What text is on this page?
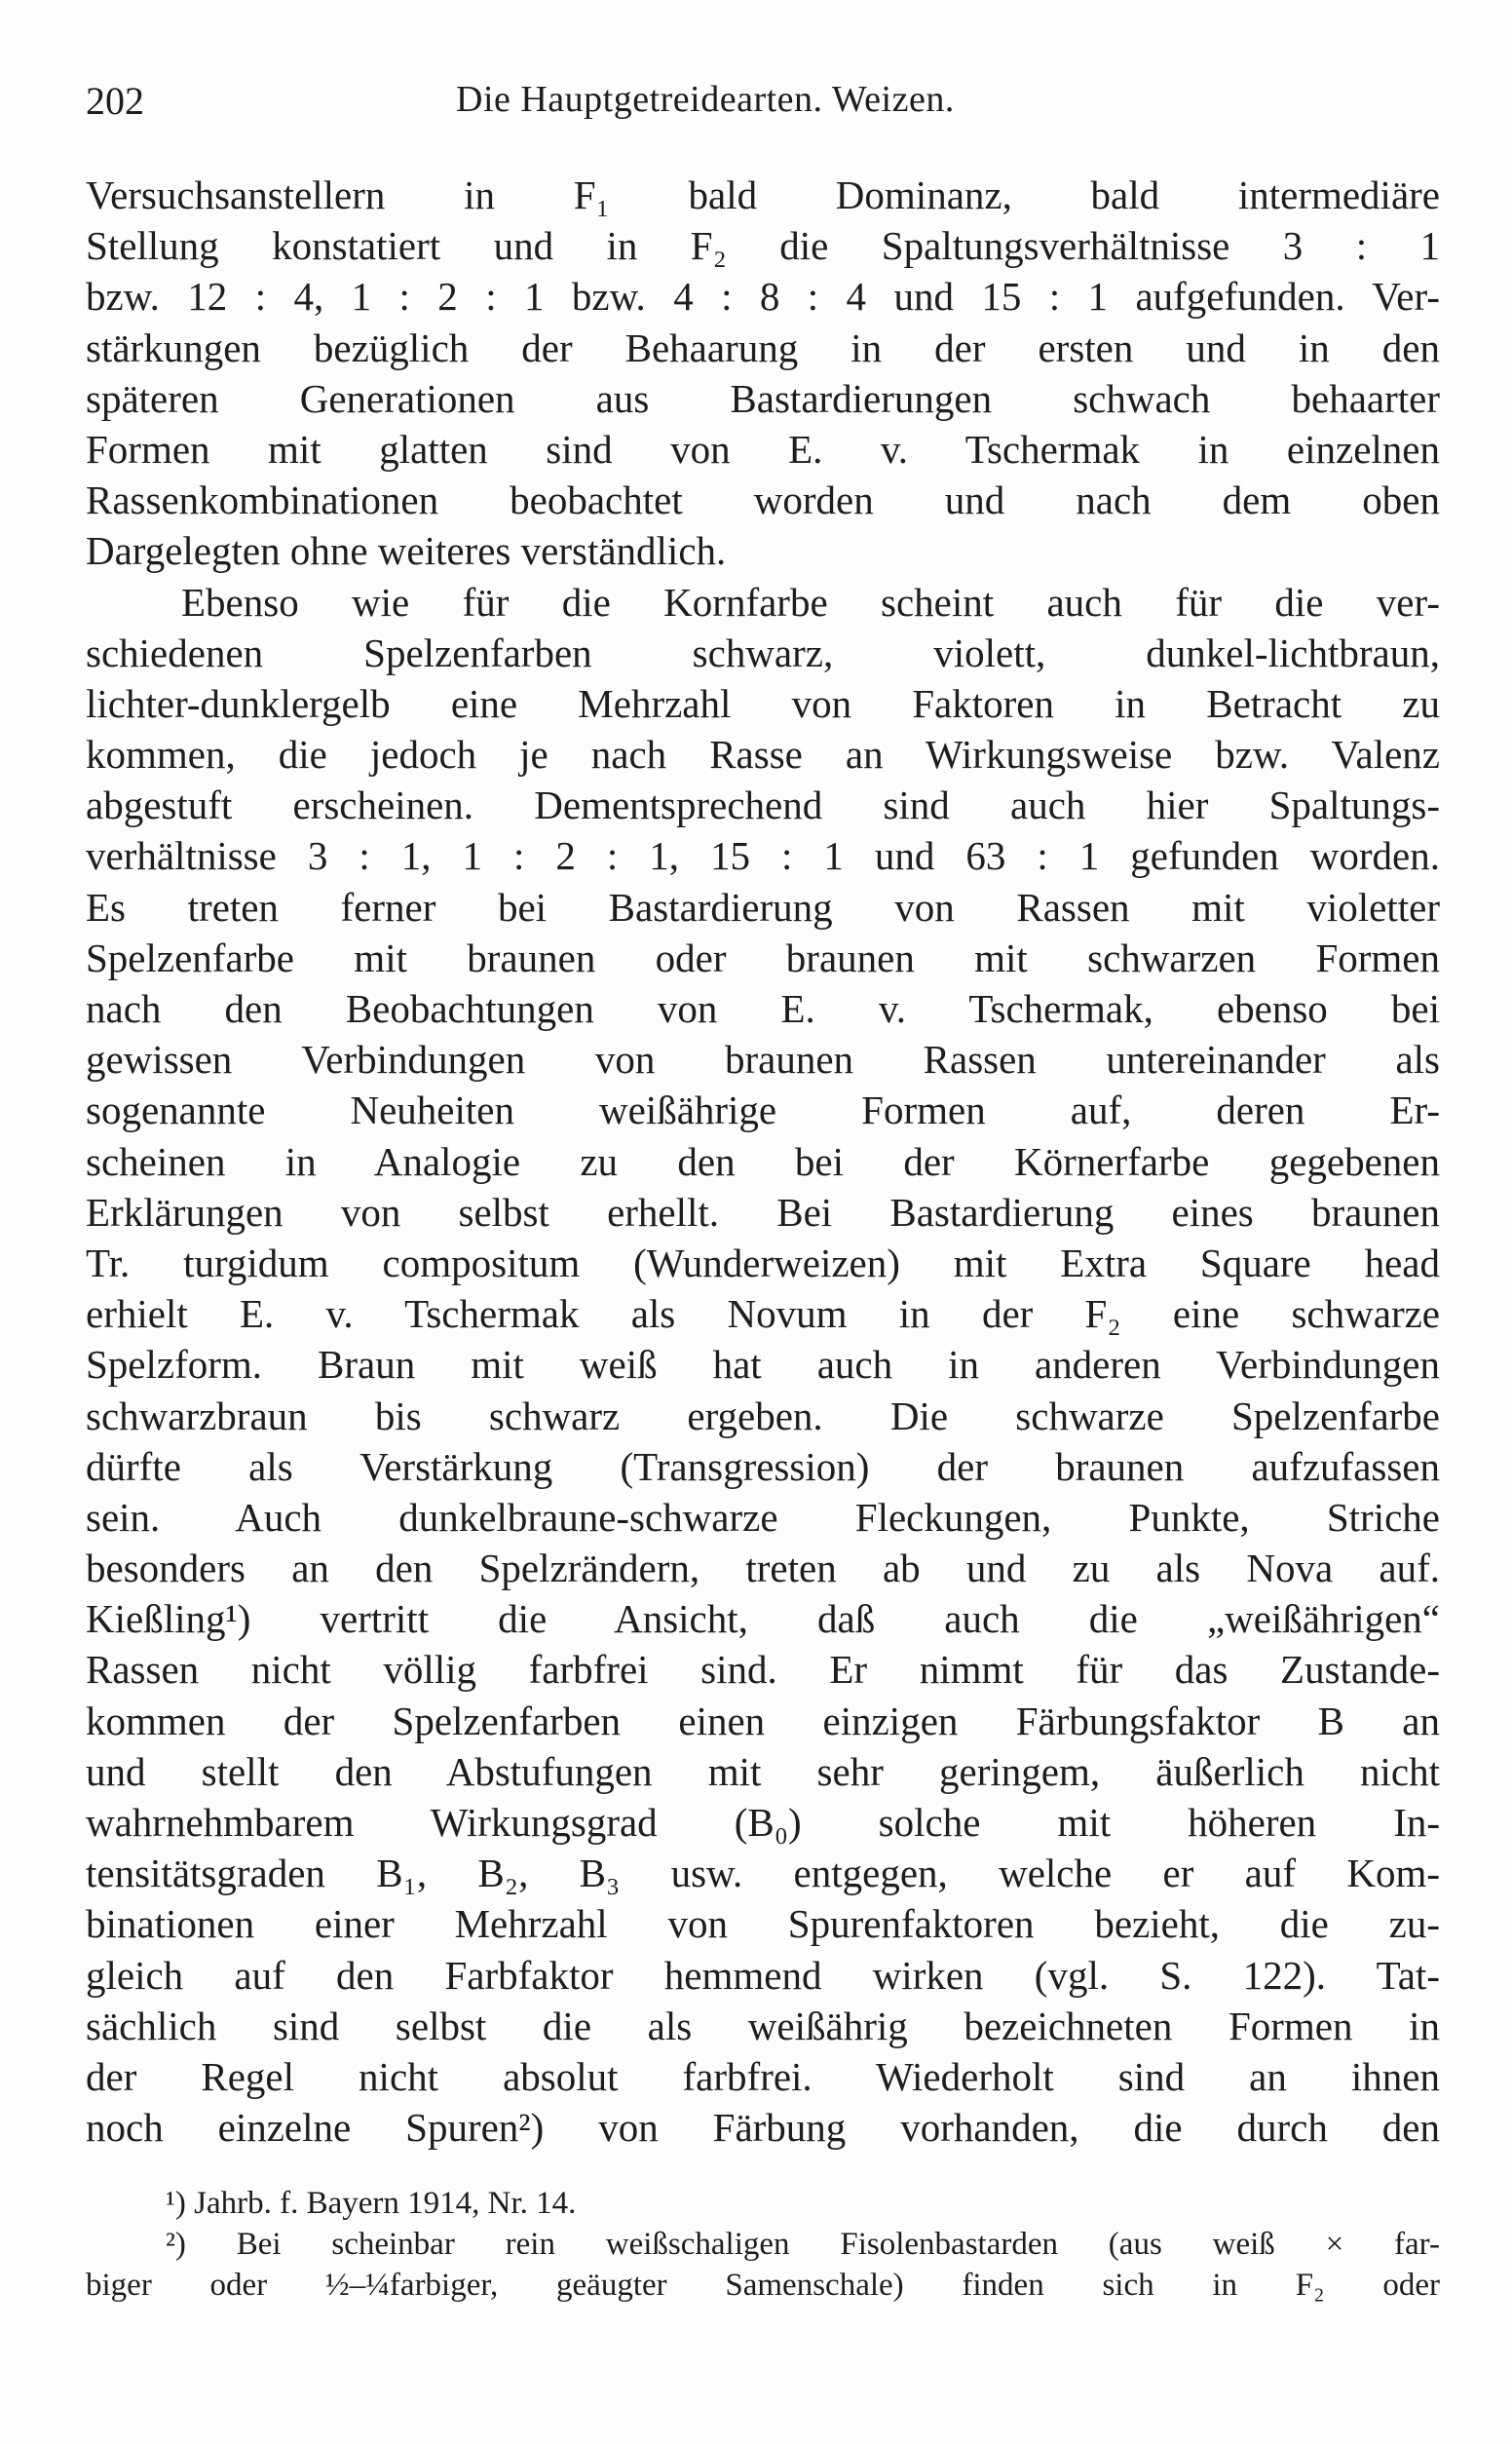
202	Die Hauptgetreidearten. Weizen.
Versuchsanstellern in F₁ bald Dominanz, bald intermediäre
Stellung konstatiert und in F₂ die Spaltungsverhältnisse 3 : 1
bzw. 12 : 4, 1 : 2 : 1 bzw. 4 : 8 : 4 und 15 : 1 aufgefunden. Ver-
stärkungen bezüglich der Behaarung in der ersten und in den
späteren Generationen aus Bastardierungen schwach behaarter
Formen mit glatten sind von E. v. Tschermak in einzelnen
Rassenkombinationen beobachtet worden und nach dem oben
Dargelegten ohne weiteres verständlich.
Ebenso wie für die Kornfarbe scheint auch für die ver-
schiedenen Spelzenfarben schwarz, violett, dunkel-lichtbraun,
lichter-dunklergelb eine Mehrzahl von Faktoren in Betracht zu
kommen, die jedoch je nach Rasse an Wirkungsweise bzw. Valenz
abgestuft erscheinen. Dementsprechend sind auch hier Spaltungs-
verhältnisse 3 : 1, 1 : 2 : 1, 15 : 1 und 63 : 1 gefunden worden.
Es treten ferner bei Bastardierung von Rassen mit violetter
Spelzenfarbe mit braunen oder braunen mit schwarzen Formen
nach den Beobachtungen von E. v. Tschermak, ebenso bei
gewissen Verbindungen von braunen Rassen untereinander als
sogenannte Neuheiten weißährige Formen auf, deren Er-
scheinen in Analogie zu den bei der Körnerfarbe gegebenen
Erklärungen von selbst erhellt. Bei Bastardierung eines braunen
Tr. turgidum compositum (Wunderweizen) mit Extra Square head
erhielt E. v. Tschermak als Novum in der F₂ eine schwarze
Spelzform. Braun mit weiß hat auch in anderen Verbindungen
schwarzbraun bis schwarz ergeben. Die schwarze Spelzenfarbe
dürfte als Verstärkung (Transgression) der braunen aufzufassen
sein. Auch dunkelbraune-schwarze Fleckungen, Punkte, Striche
besonders an den Spelzrändern, treten ab und zu als Nova auf.
Kießling¹) vertritt die Ansicht, daß auch die „weißährigen“
Rassen nicht völlig farbfrei sind. Er nimmt für das Zustande-
kommen der Spelzenfarben einen einzigen Färbungsfaktor B an
und stellt den Abstufungen mit sehr geringem, äußerlich nicht
wahrnehmbarem Wirkungsgrad (B₀) solche mit höheren In-
tensitätsgraden B₁, B₂, B₃ usw. entgegen, welche er auf Kom-
binationen einer Mehrzahl von Spurenfaktoren bezieht, die zu-
gleich auf den Farbfaktor hemmend wirken (vgl. S. 122). Tat-
sächlich sind selbst die als weißährig bezeichneten Formen in
der Regel nicht absolut farbfrei. Wiederholt sind an ihnen
noch einzelne Spuren²) von Färbung vorhanden, die durch den
¹) Jahrb. f. Bayern 1914, Nr. 14.
²) Bei scheinbar rein weißschaligen Fisolenbastarden (aus weiß × far-
biger oder ½–¼farbiger, geäugter Samenschale) finden sich in F₂ oder
